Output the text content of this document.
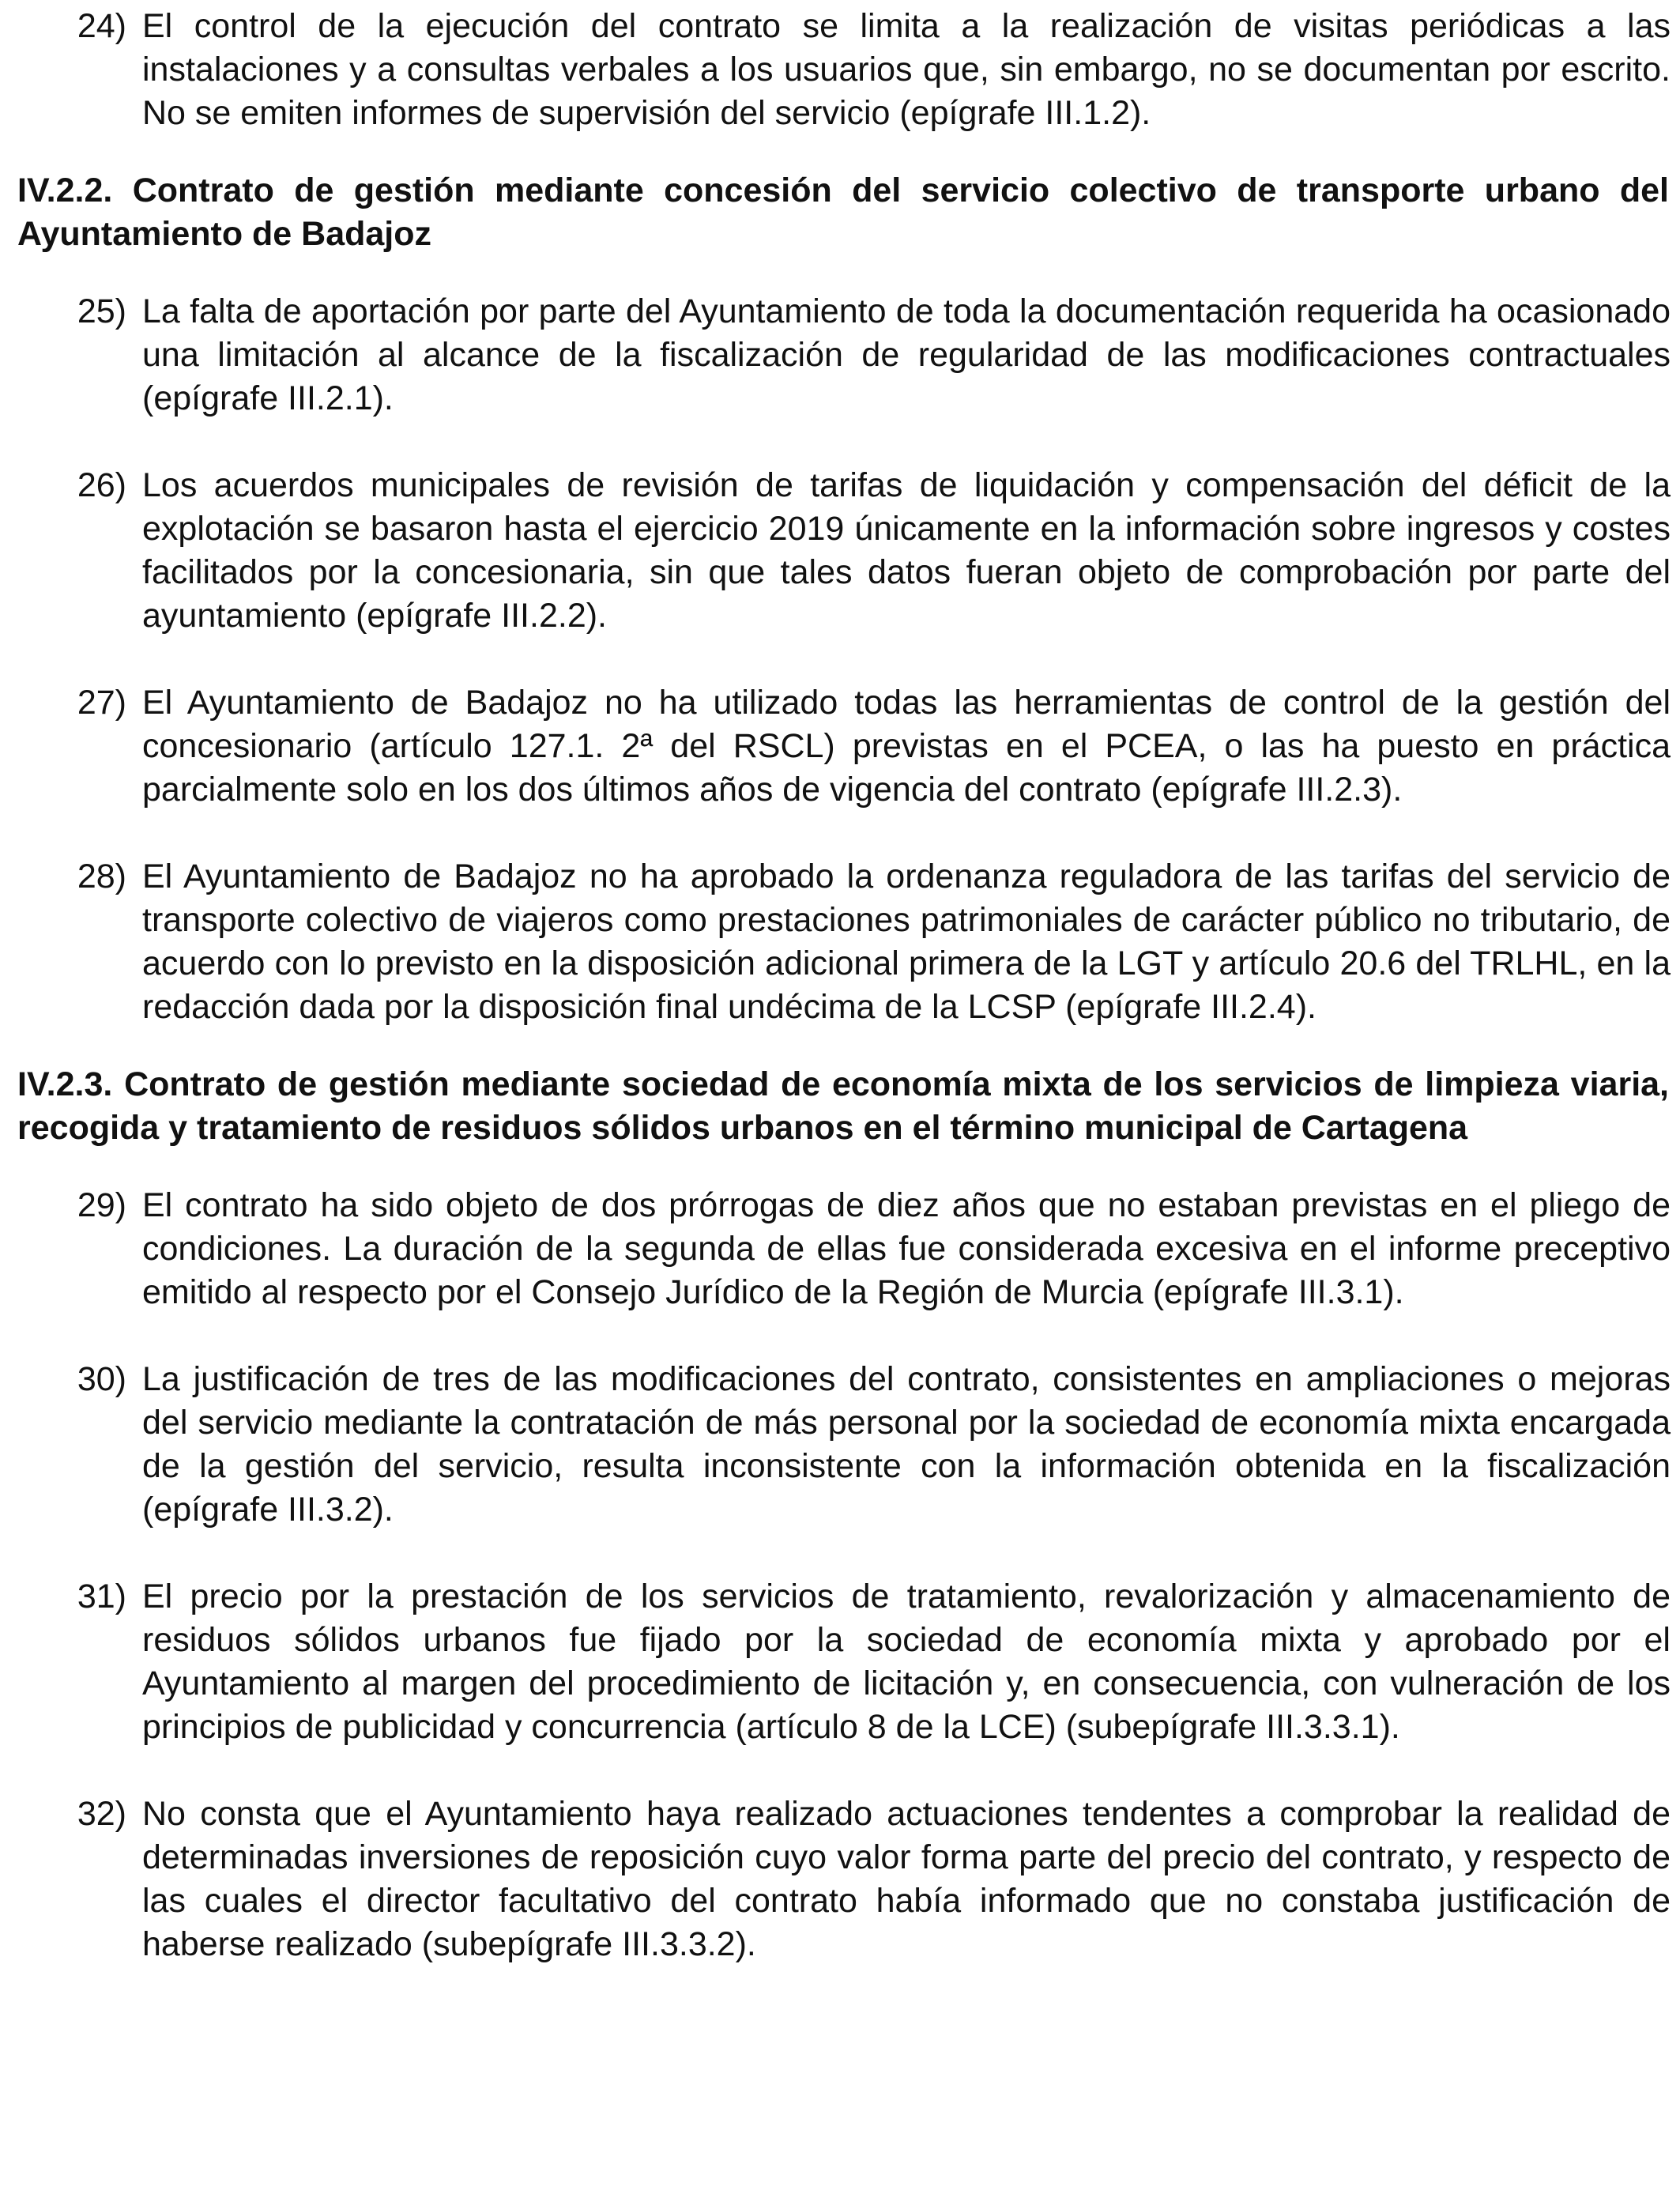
24) El control de la ejecución del contrato se limita a la realización de visitas periódicas a las instalaciones y a consultas verbales a los usuarios que, sin embargo, no se documentan por escrito. No se emiten informes de supervisión del servicio (epígrafe III.1.2).
IV.2.2. Contrato de gestión mediante concesión del servicio colectivo de transporte urbano del Ayuntamiento de Badajoz
25) La falta de aportación por parte del Ayuntamiento de toda la documentación requerida ha ocasionado una limitación al alcance de la fiscalización de regularidad de las modificaciones contractuales (epígrafe III.2.1).
26) Los acuerdos municipales de revisión de tarifas de liquidación y compensación del déficit de la explotación se basaron hasta el ejercicio 2019 únicamente en la información sobre ingresos y costes facilitados por la concesionaria, sin que tales datos fueran objeto de comprobación por parte del ayuntamiento (epígrafe III.2.2).
27) El Ayuntamiento de Badajoz no ha utilizado todas las herramientas de control de la gestión del concesionario (artículo 127.1. 2ª del RSCL) previstas en el PCEA, o las ha puesto en práctica parcialmente solo en los dos últimos años de vigencia del contrato (epígrafe III.2.3).
28) El Ayuntamiento de Badajoz no ha aprobado la ordenanza reguladora de las tarifas del servicio de transporte colectivo de viajeros como prestaciones patrimoniales de carácter público no tributario, de acuerdo con lo previsto en la disposición adicional primera de la LGT y artículo 20.6 del TRLHL, en la redacción dada por la disposición final undécima de la LCSP (epígrafe III.2.4).
IV.2.3. Contrato de gestión mediante sociedad de economía mixta de los servicios de limpieza viaria, recogida y tratamiento de residuos sólidos urbanos en el término municipal de Cartagena
29) El contrato ha sido objeto de dos prórrogas de diez años que no estaban previstas en el pliego de condiciones. La duración de la segunda de ellas fue considerada excesiva en el informe preceptivo emitido al respecto por el Consejo Jurídico de la Región de Murcia (epígrafe III.3.1).
30) La justificación de tres de las modificaciones del contrato, consistentes en ampliaciones o mejoras del servicio mediante la contratación de más personal por la sociedad de economía mixta encargada de la gestión del servicio, resulta inconsistente con la información obtenida en la fiscalización (epígrafe III.3.2).
31) El precio por la prestación de los servicios de tratamiento, revalorización y almacenamiento de residuos sólidos urbanos fue fijado por la sociedad de economía mixta y aprobado por el Ayuntamiento al margen del procedimiento de licitación y, en consecuencia, con vulneración de los principios de publicidad y concurrencia (artículo 8 de la LCE) (subepígrafe III.3.3.1).
32) No consta que el Ayuntamiento haya realizado actuaciones tendentes a comprobar la realidad de determinadas inversiones de reposición cuyo valor forma parte del precio del contrato, y respecto de las cuales el director facultativo del contrato había informado que no constaba justificación de haberse realizado (subepígrafe III.3.3.2).
